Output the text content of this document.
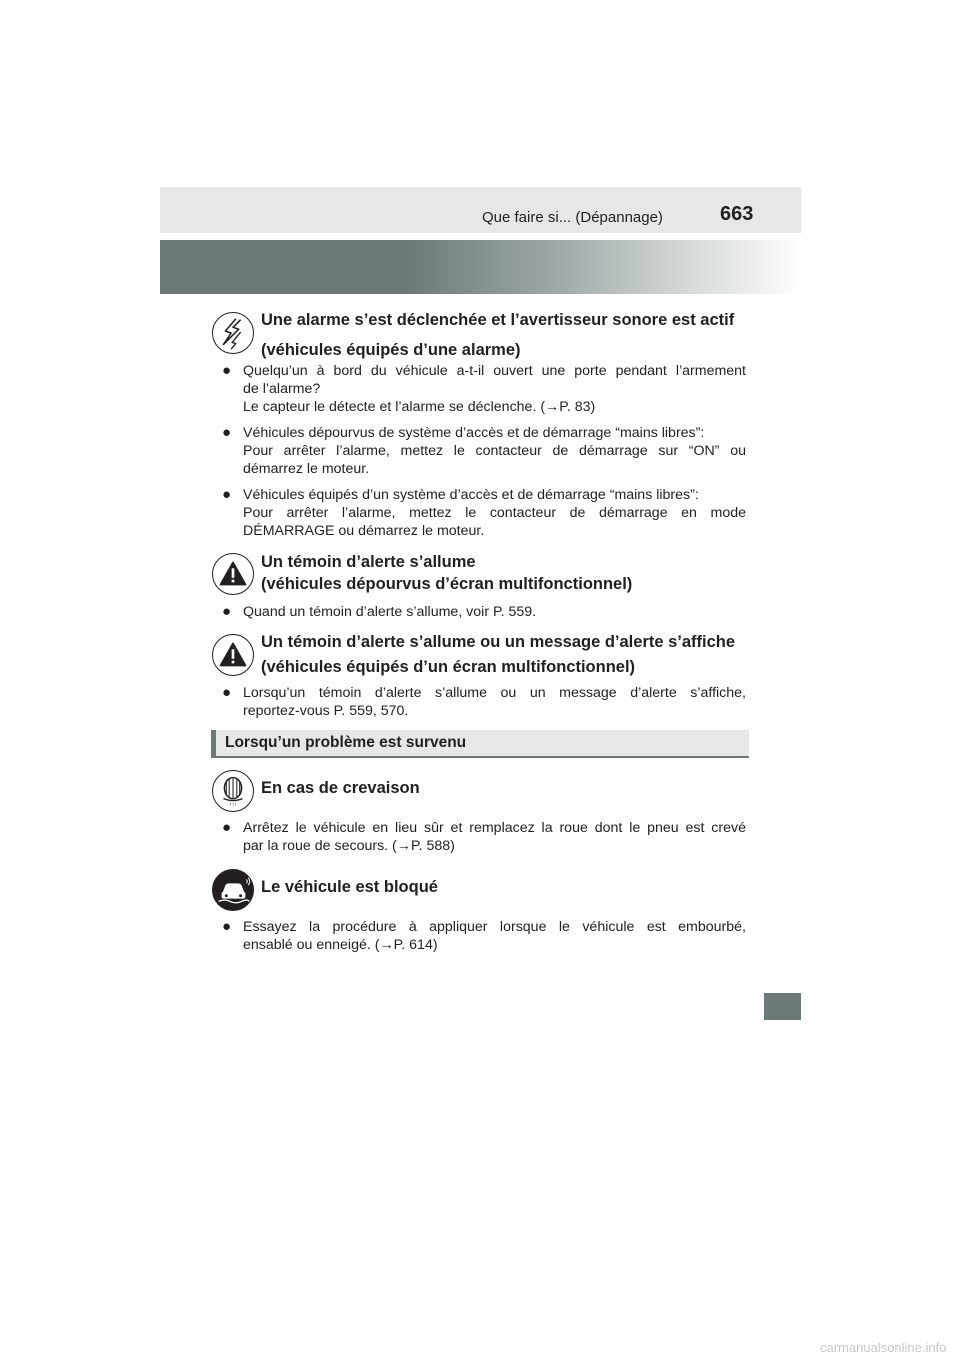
Que faire si... (Dépannage)	663
Une alarme s’est déclenchée et l’avertisseur sonore est actif
(véhicules équipés d’une alarme)
● Quelqu’un à bord du véhicule a-t-il ouvert une porte pendant l’armement
de l’alarme?
Le capteur le détecte et l’alarme se déclenche. (→P. 83)
● Véhicules dépourvus de système d’accès et de démarrage “mains libres”:
Pour arrêter l’alarme, mettez le contacteur de démarrage sur “ON” ou
démarrez le moteur.
● Véhicules équipés d’un système d’accès et de démarrage “mains libres”:
Pour arrêter l’alarme, mettez le contacteur de démarrage en mode
DÉMARRAGE ou démarrez le moteur.
Un témoin d’alerte s’allume
(véhicules dépourvus d’écran multifonctionnel)
● Quand un témoin d’alerte s’allume, voir P. 559.
Un témoin d’alerte s’allume ou un message d’alerte s’affiche
(véhicules équipés d’un écran multifonctionnel)
● Lorsqu’un témoin d’alerte s’allume ou un message d’alerte s’affiche,
reportez-vous P. 559, 570.
Lorsqu’un problème est survenu
! ! !
En cas de crevaison
● Arrêtez le véhicule en lieu sûr et remplacez la roue dont le pneu est crevé
par la roue de secours. (→P. 588)
Le véhicule est bloqué
● Essayez la procédure à appliquer lorsque le véhicule est embourbé,
ensablé ou enneigé. (→P. 614)
carmanualsonline.info
